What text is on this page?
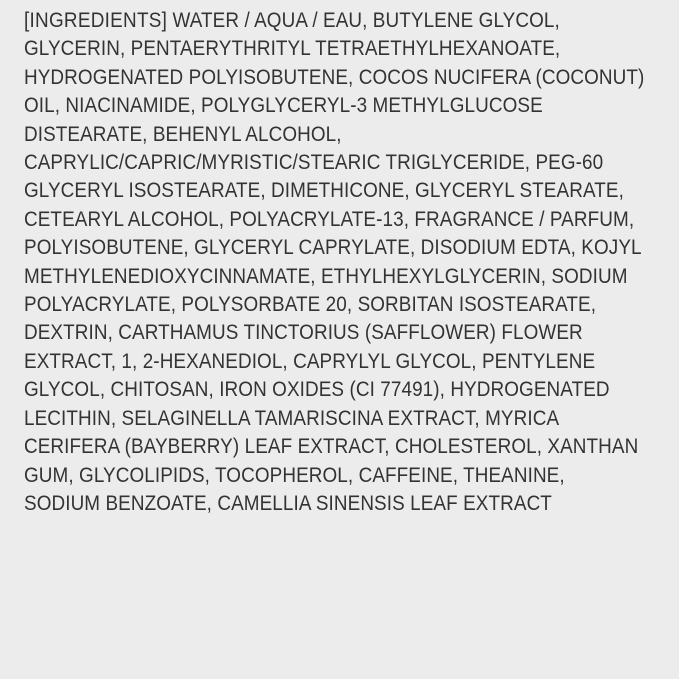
[INGREDIENTS] WATER / AQUA / EAU, BUTYLENE GLYCOL,
GLYCERIN, PENTAERYTHRITYL TETRAETHYLHEXANOATE,
HYDROGENATED POLYISOBUTENE, COCOS NUCIFERA (COCONUT)
OIL, NIACINAMIDE, POLYGLYCERYL-3 METHYLGLUCOSE
DISTEARATE, BEHENYL ALCOHOL,
CAPRYLIC/CAPRIC/MYRISTIC/STEARIC TRIGLYCERIDE, PEG-60
GLYCERYL ISOSTEARATE, DIMETHICONE, GLYCERYL STEARATE,
CETEARYL ALCOHOL, POLYACRYLATE-13, FRAGRANCE / PARFUM,
POLYISOBUTENE, GLYCERYL CAPRYLATE, DISODIUM EDTA, KOJYL
METHYLENEDIOXYCINNAMATE, ETHYLHEXYLGLYCERIN, SODIUM
POLYACRYLATE, POLYSORBATE 20, SORBITAN ISOSTEARATE,
DEXTRIN, CARTHAMUS TINCTORIUS (SAFFLOWER) FLOWER
EXTRACT, 1, 2-HEXANEDIOL, CAPRYLYL GLYCOL, PENTYLENE
GLYCOL, CHITOSAN, IRON OXIDES (CI 77491), HYDROGENATED
LECITHIN, SELAGINELLA TAMARISCINA EXTRACT, MYRICA
CERIFERA (BAYBERRY) LEAF EXTRACT, CHOLESTEROL, XANTHAN
GUM, GLYCOLIPIDS, TOCOPHEROL, CAFFEINE, THEANINE,
SODIUM BENZOATE, CAMELLIA SINENSIS LEAF EXTRACT
